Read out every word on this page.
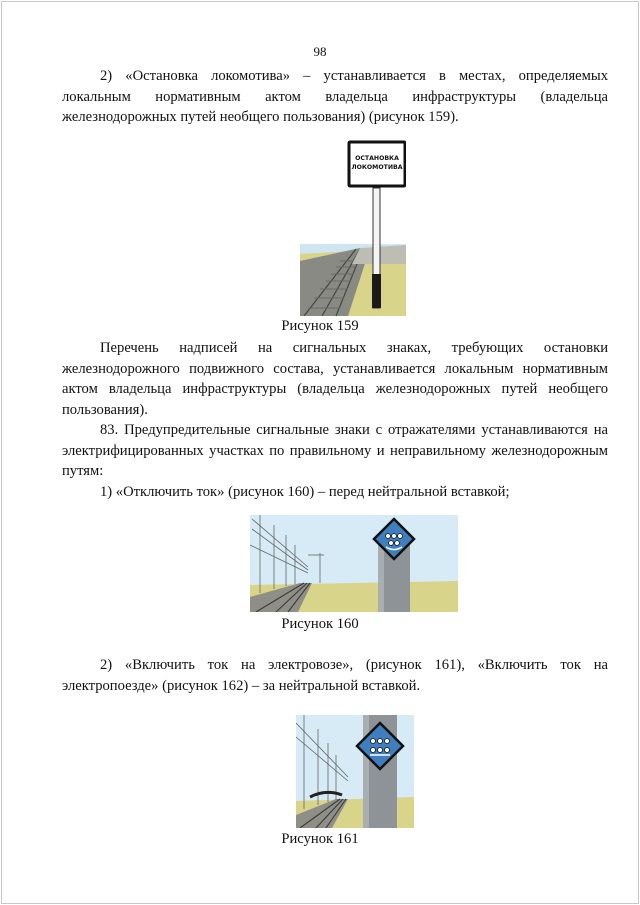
98

2) «Остановка локомотива» – устанавливается в местах, определяемых локальным нормативным актом владельца инфраструктуры (владельца железнодорожных путей необщего пользования) (рисунок 159).

ОСТАНОВКА
ЛОКОМОТИВА
Рисунок 159

Перечень надписей на сигнальных знаках, требующих остановки железнодорожного подвижного состава, устанавливается локальным нормативным актом владельца инфраструктуры (владельца железнодорожных путей необщего пользования).

83. Предупредительные сигнальные знаки с отражателями устанавливаются на электрифицированных участках по правильному и неправильному железнодорожным путям:

1) «Отключить ток» (рисунок 160) – перед нейтральной вставкой;

Рисунок 160

2) «Включить ток на электровозе», (рисунок 161), «Включить ток на электропоезде» (рисунок 162) – за нейтральной вставкой.

Рисунок 161
